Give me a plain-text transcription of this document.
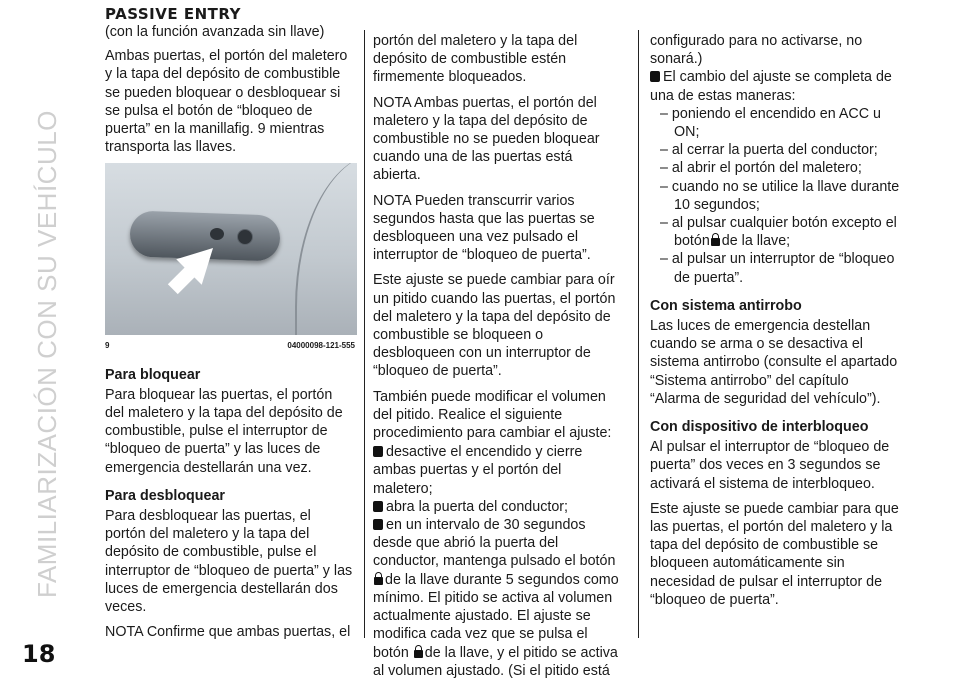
FAMILIARIZACIÓN CON SU VEHÍCULO
18
PASSIVE ENTRY

(con la función avanzada sin llave)

Ambas puertas, el portón del maletero y la tapa del depósito de combustible se pueden bloquear o desbloquear si se pulsa el botón de “bloqueo de puerta” en la manillafig. 9 mientras transporta las llaves.

9	04000098-121-555
Para bloquear

Para bloquear las puertas, el portón del maletero y la tapa del depósito de combustible, pulse el interruptor de “bloqueo de puerta” y las luces de emergencia destellarán una vez.

Para desbloquear

Para desbloquear las puertas, el portón del maletero y la tapa del depósito de combustible, pulse el interruptor de “bloqueo de puerta” y las luces de emergencia destellarán dos veces.

NOTA Confirme que ambas puertas, el

portón del maletero y la tapa del depósito de combustible estén firmemente bloqueados.

NOTA Ambas puertas, el portón del maletero y la tapa del depósito de combustible no se pueden bloquear cuando una de las puertas está abierta.

NOTA Pueden transcurrir varios segundos hasta que las puertas se desbloqueen una vez pulsado el interruptor de “bloqueo de puerta”.

Este ajuste se puede cambiar para oír un pitido cuando las puertas, el portón del maletero y la tapa del depósito de combustible se bloqueen o desbloqueen con un interruptor de “bloqueo de puerta”.

También puede modificar el volumen del pitido. Realice el siguiente procedimiento para cambiar el ajuste:

desactive el encendido y cierre ambas puertas y el portón del maletero;

abra la puerta del conductor;

en un intervalo de 30 segundos desde que abrió la puerta del conductor, mantenga pulsado el botón de la llave durante 5 segundos como mínimo. El pitido se activa al volumen actualmente ajustado. El ajuste se modifica cada vez que se pulsa el botón de la llave, y el pitido se activa al volumen ajustado. (Si el pitido está

configurado para no activarse, no sonará.)

El cambio del ajuste se completa de una de estas maneras:

– poniendo el encendido en ACC u ON;

– al cerrar la puerta del conductor;

– al abrir el portón del maletero;

– cuando no se utilice la llave durante 10 segundos;

– al pulsar cualquier botón excepto el botón de la llave;

– al pulsar un interruptor de “bloqueo de puerta”.

Con sistema antirrobo

Las luces de emergencia destellan cuando se arma o se desactiva el sistema antirrobo (consulte el apartado “Sistema antirrobo” del capítulo “Alarma de seguridad del vehículo”).

Con dispositivo de interbloqueo

Al pulsar el interruptor de “bloqueo de puerta” dos veces en 3 segundos se activará el sistema de interbloqueo.

Este ajuste se puede cambiar para que las puertas, el portón del maletero y la tapa del depósito de combustible se bloqueen automáticamente sin necesidad de pulsar el interruptor de “bloqueo de puerta”.
